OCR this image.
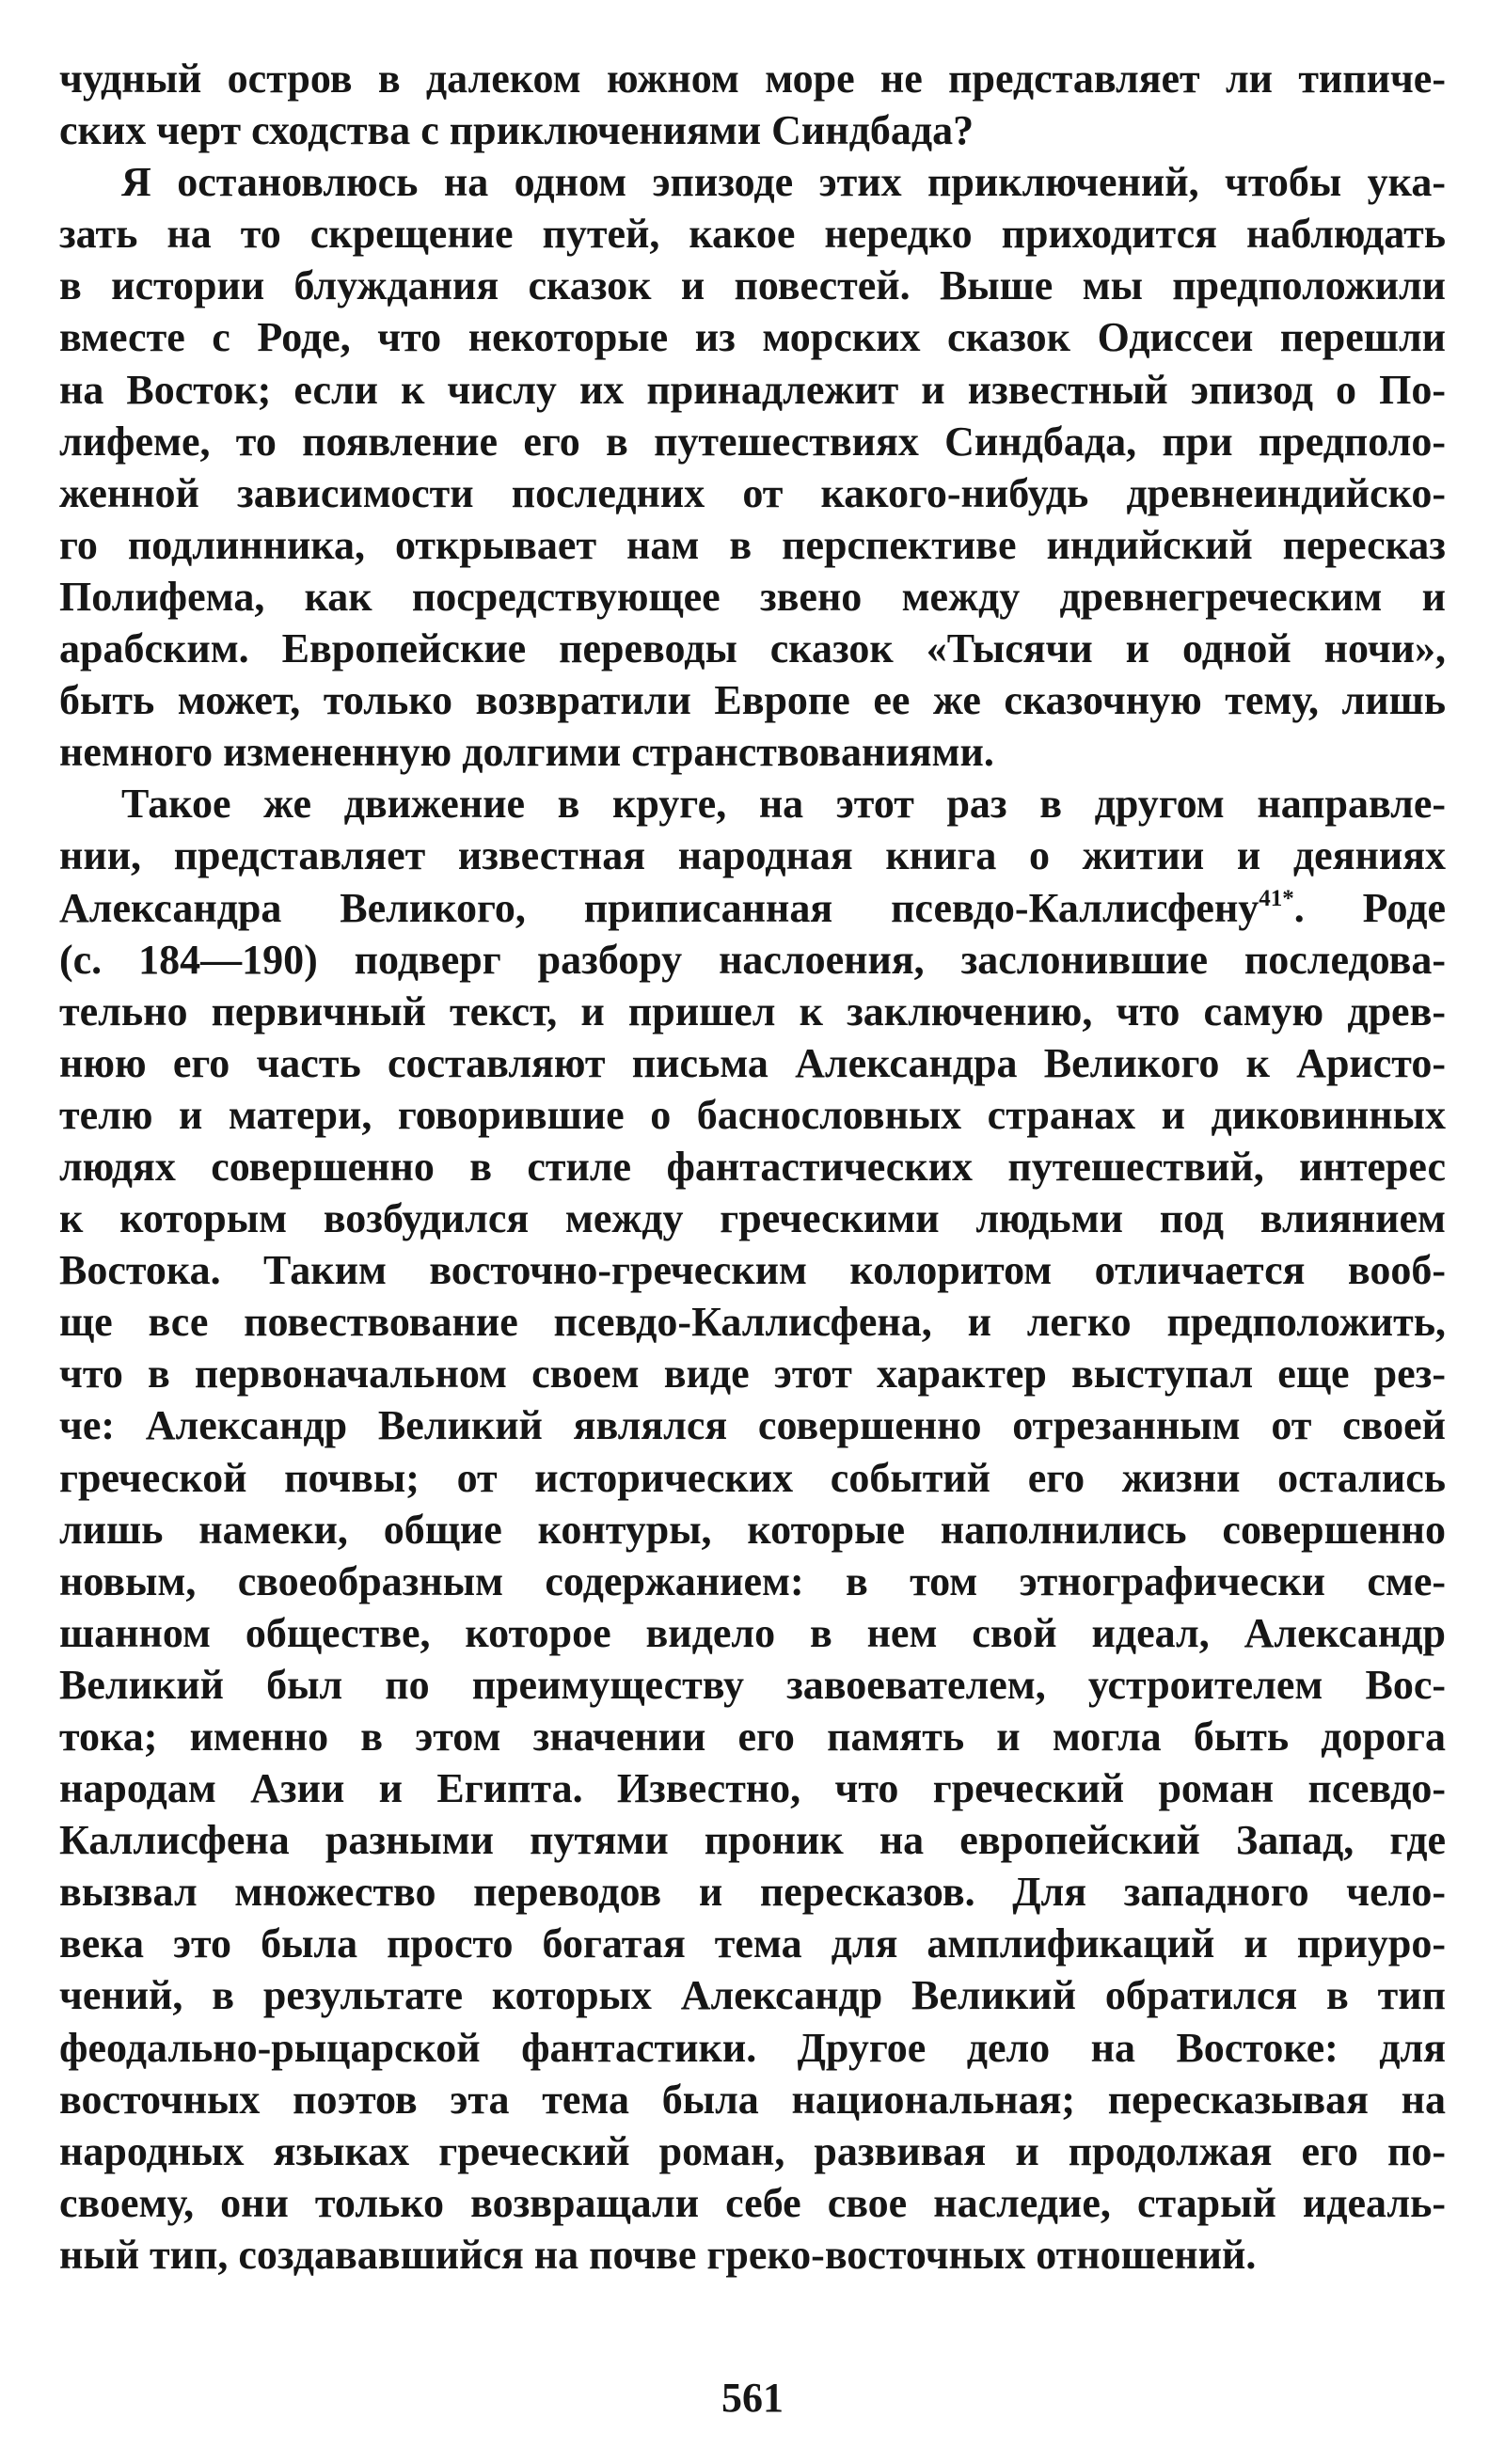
чудный остров в далеком южном море не представляет ли типиче-
ских черт сходства с приключениями Синдбада?
Я остановлюсь на одном эпизоде этих приключений, чтобы ука-
зать на то скрещение путей, какое нередко приходится наблюдать
в истории блуждания сказок и повестей. Выше мы предположили
вместе с Роде, что некоторые из морских сказок Одиссеи перешли
на Восток; если к числу их принадлежит и известный эпизод о По-
лифеме, то появление его в путешествиях Синдбада, при предполо-
женной зависимости последних от какого-нибудь древнеиндийско-
го подлинника, открывает нам в перспективе индийский пересказ
Полифема, как посредствующее звено между древнегреческим и
арабским. Европейские переводы сказок «Тысячи и одной ночи»,
быть может, только возвратили Европе ее же сказочную тему, лишь
немного измененную долгими странствованиями.
Такое же движение в круге, на этот раз в другом направле-
нии, представляет известная народная книга о житии и деяниях
Александра Великого, приписанная псевдо-Каллисфену$^{41*}$. Роде
(с. 184—190) подверг разбору наслоения, заслонившие последова-
тельно первичный текст, и пришел к заключению, что самую древ-
нюю его часть составляют письма Александра Великого к Аристо-
телю и матери, говорившие о баснословных странах и диковинных
людях совершенно в стиле фантастических путешествий, интерес
к которым возбудился между греческими людьми под влиянием
Востока. Таким восточно-греческим колоритом отличается вооб-
ще все повествование псевдо-Каллисфена, и легко предположить,
что в первоначальном своем виде этот характер выступал еще рез-
че: Александр Великий являлся совершенно отрезанным от своей
греческой почвы; от исторических событий его жизни остались
лишь намеки, общие контуры, которые наполнились совершенно
новым, своеобразным содержанием: в том этнографически сме-
шанном обществе, которое видело в нем свой идеал, Александр
Великий был по преимуществу завоевателем, устроителем Вос-
тока; именно в этом значении его память и могла быть дорога
народам Азии и Египта. Известно, что греческий роман псевдо-
Каллисфена разными путями проник на европейский Запад, где
вызвал множество переводов и пересказов. Для западного чело-
века это была просто богатая тема для амплификаций и приуро-
чений, в результате которых Александр Великий обратился в тип
феодально-рыцарской фантастики. Другое дело на Востоке: для
восточных поэтов эта тема была национальная; пересказывая на
народных языках греческий роман, развивая и продолжая его по-
своему, они только возвращали себе свое наследие, старый идеаль-
ный тип, создававшийся на почве греко-восточных отношений.
561
